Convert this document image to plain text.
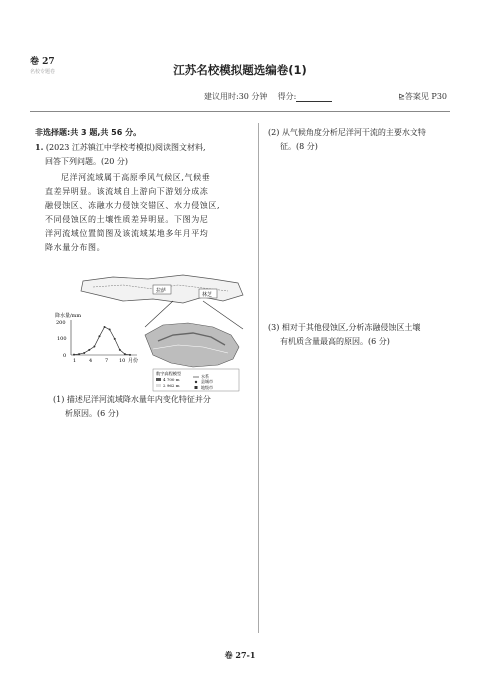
卷 27
名校专题卷	江苏名校模拟题选编卷(1)
建议用时:30 分钟 得分:	⊵答案见 P30

非选择题:共 3 题,共 56 分。

1. (2023 江苏镇江中学校考模拟)阅读图文材料,

回答下列问题。(20 分)

尼洋河流域属于高原季风气候区,气候垂

直差异明显。该流域自上游向下游划分成冻

融侵蚀区、冻融水力侵蚀交错区、水力侵蚀区,

不同侵蚀区的土壤性质差异明显。下图为尼

洋河流域位置简图及该流域某地多年月平均

降水量分布图。

拉萨
林芝
数字高程模型
4 700 m
2 962 m
水系
县城市
地级市
降水量/mm
200
100
0
1	4	7 10 月份

(1) 描述尼洋河流域降水量年内变化特征并分

析原因。(6 分)

(2) 从气候角度分析尼洋河干流的主要水文特

征。(8 分)

(3) 相对于其他侵蚀区,分析冻融侵蚀区土壤

有机质含量最高的原因。(6 分)

卷 27-1
